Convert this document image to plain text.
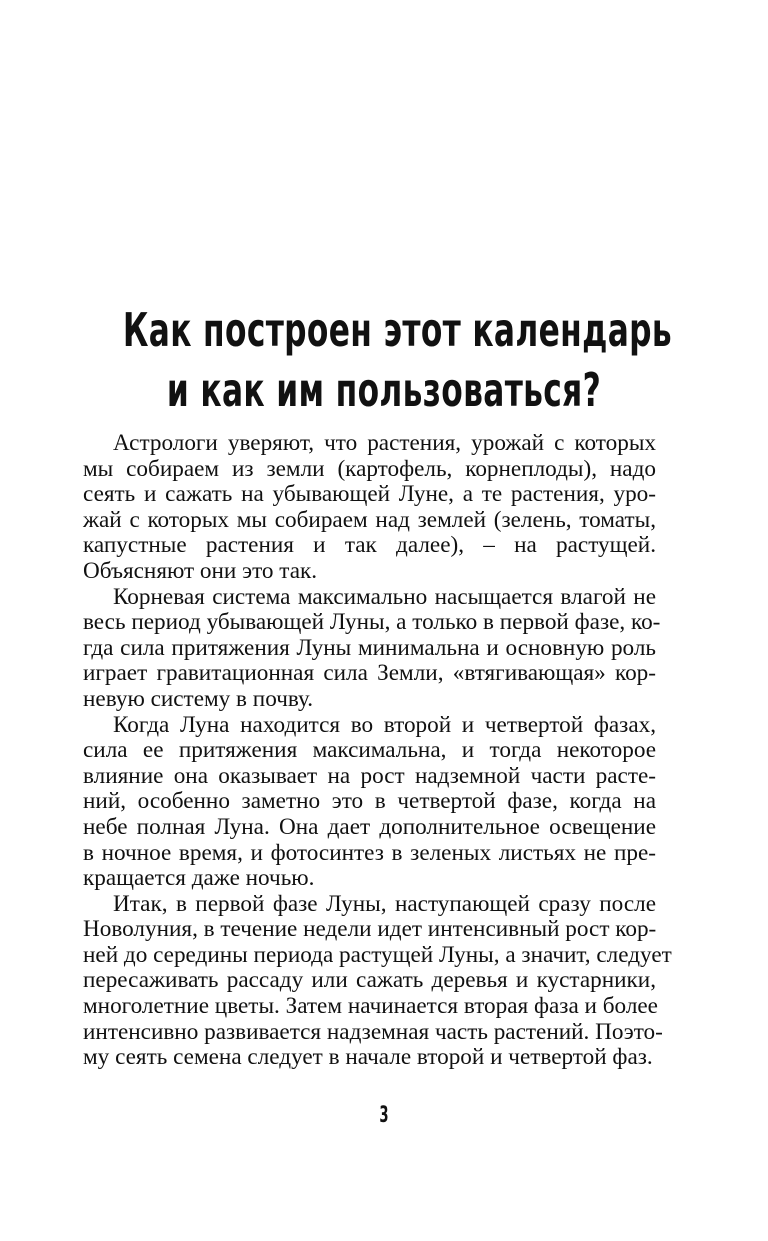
Как построен этот календарь
и как им пользоваться?

Астрологи уверяют, что растения, урожай с которых
мы собираем из земли (картофель, корнеплоды), надо
сеять и сажать на убывающей Луне, а те растения, уро-
жай с которых мы собираем над землей (зелень, томаты,
капустные растения и так далее), – на растущей.
Объясняют они это так.

Корневая система максимально насыщается влагой не
весь период убывающей Луны, а только в первой фазе, ко-
гда сила притяжения Луны минимальна и основную роль
играет гравитационная сила Земли, «втягивающая» кор-
невую систему в почву.

Когда Луна находится во второй и четвертой фазах,
сила ее притяжения максимальна, и тогда некоторое
влияние она оказывает на рост надземной части расте-
ний, особенно заметно это в четвертой фазе, когда на
небе полная Луна. Она дает дополнительное освещение
в ночное время, и фотосинтез в зеленых листьях не пре-
кращается даже ночью.

Итак, в первой фазе Луны, наступающей сразу после
Новолуния, в течение недели идет интенсивный рост кор-
ней до середины периода растущей Луны, а значит, следует
пересаживать рассаду или сажать деревья и кустарники,
многолетние цветы. Затем начинается вторая фаза и более
интенсивно развивается надземная часть растений. Поэто-
му сеять семена следует в начале второй и четвертой фаз.

3
